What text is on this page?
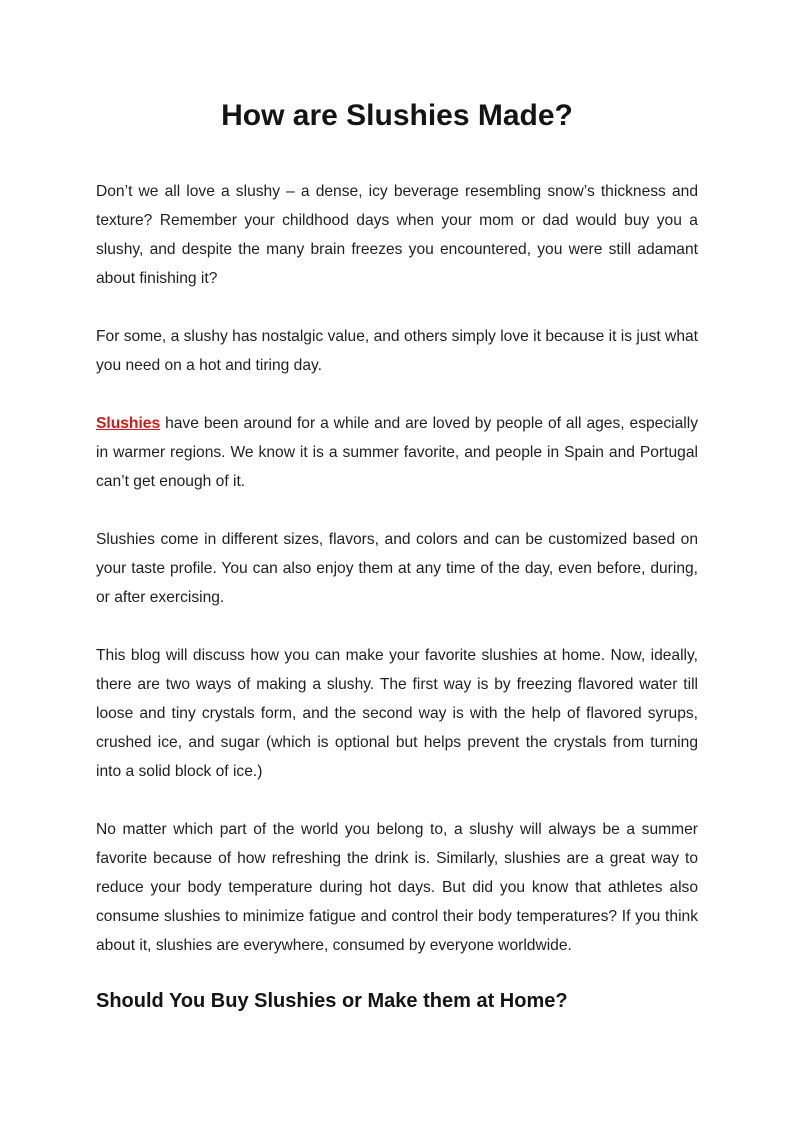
How are Slushies Made?

Don’t we all love a slushy – a dense, icy beverage resembling snow’s thickness and texture? Remember your childhood days when your mom or dad would buy you a slushy, and despite the many brain freezes you encountered, you were still adamant about finishing it?

For some, a slushy has nostalgic value, and others simply love it because it is just what you need on a hot and tiring day.

Slushies have been around for a while and are loved by people of all ages, especially in warmer regions. We know it is a summer favorite, and people in Spain and Portugal can’t get enough of it.

Slushies come in different sizes, flavors, and colors and can be customized based on your taste profile. You can also enjoy them at any time of the day, even before, during, or after exercising.

This blog will discuss how you can make your favorite slushies at home. Now, ideally, there are two ways of making a slushy. The first way is by freezing flavored water till loose and tiny crystals form, and the second way is with the help of flavored syrups, crushed ice, and sugar (which is optional but helps prevent the crystals from turning into a solid block of ice.)

No matter which part of the world you belong to, a slushy will always be a summer favorite because of how refreshing the drink is. Similarly, slushies are a great way to reduce your body temperature during hot days. But did you know that athletes also consume slushies to minimize fatigue and control their body temperatures? If you think about it, slushies are everywhere, consumed by everyone worldwide.

Should You Buy Slushies or Make them at Home?
